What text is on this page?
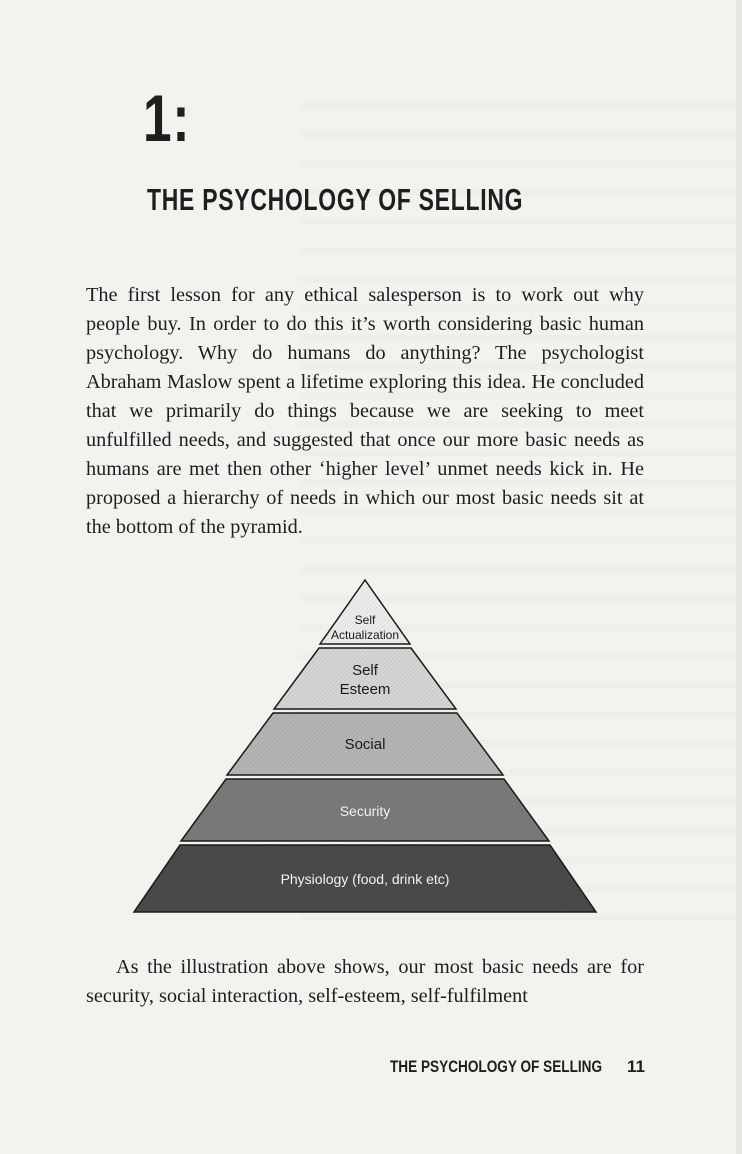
1:
THE PSYCHOLOGY OF SELLING

The first lesson for any ethical salesperson is to work out why people buy. In order to do this it’s worth considering basic human psychology. Why do humans do anything? The psychologist Abraham Maslow spent a lifetime exploring this idea. He concluded that we primarily do things because we are seeking to meet unfulfilled needs, and suggested that once our more basic needs as humans are met then other ‘higher level’ unmet needs kick in. He proposed a hierarchy of needs in which our most basic needs sit at the bottom of the pyramid.

Self
Actualization
Self
Esteem
Social
Security
Physiology (food, drink etc)

As the illustration above shows, our most basic needs are for security, social interaction, self-esteem, self-fulfilment

THE PSYCHOLOGY OF SELLING 11
